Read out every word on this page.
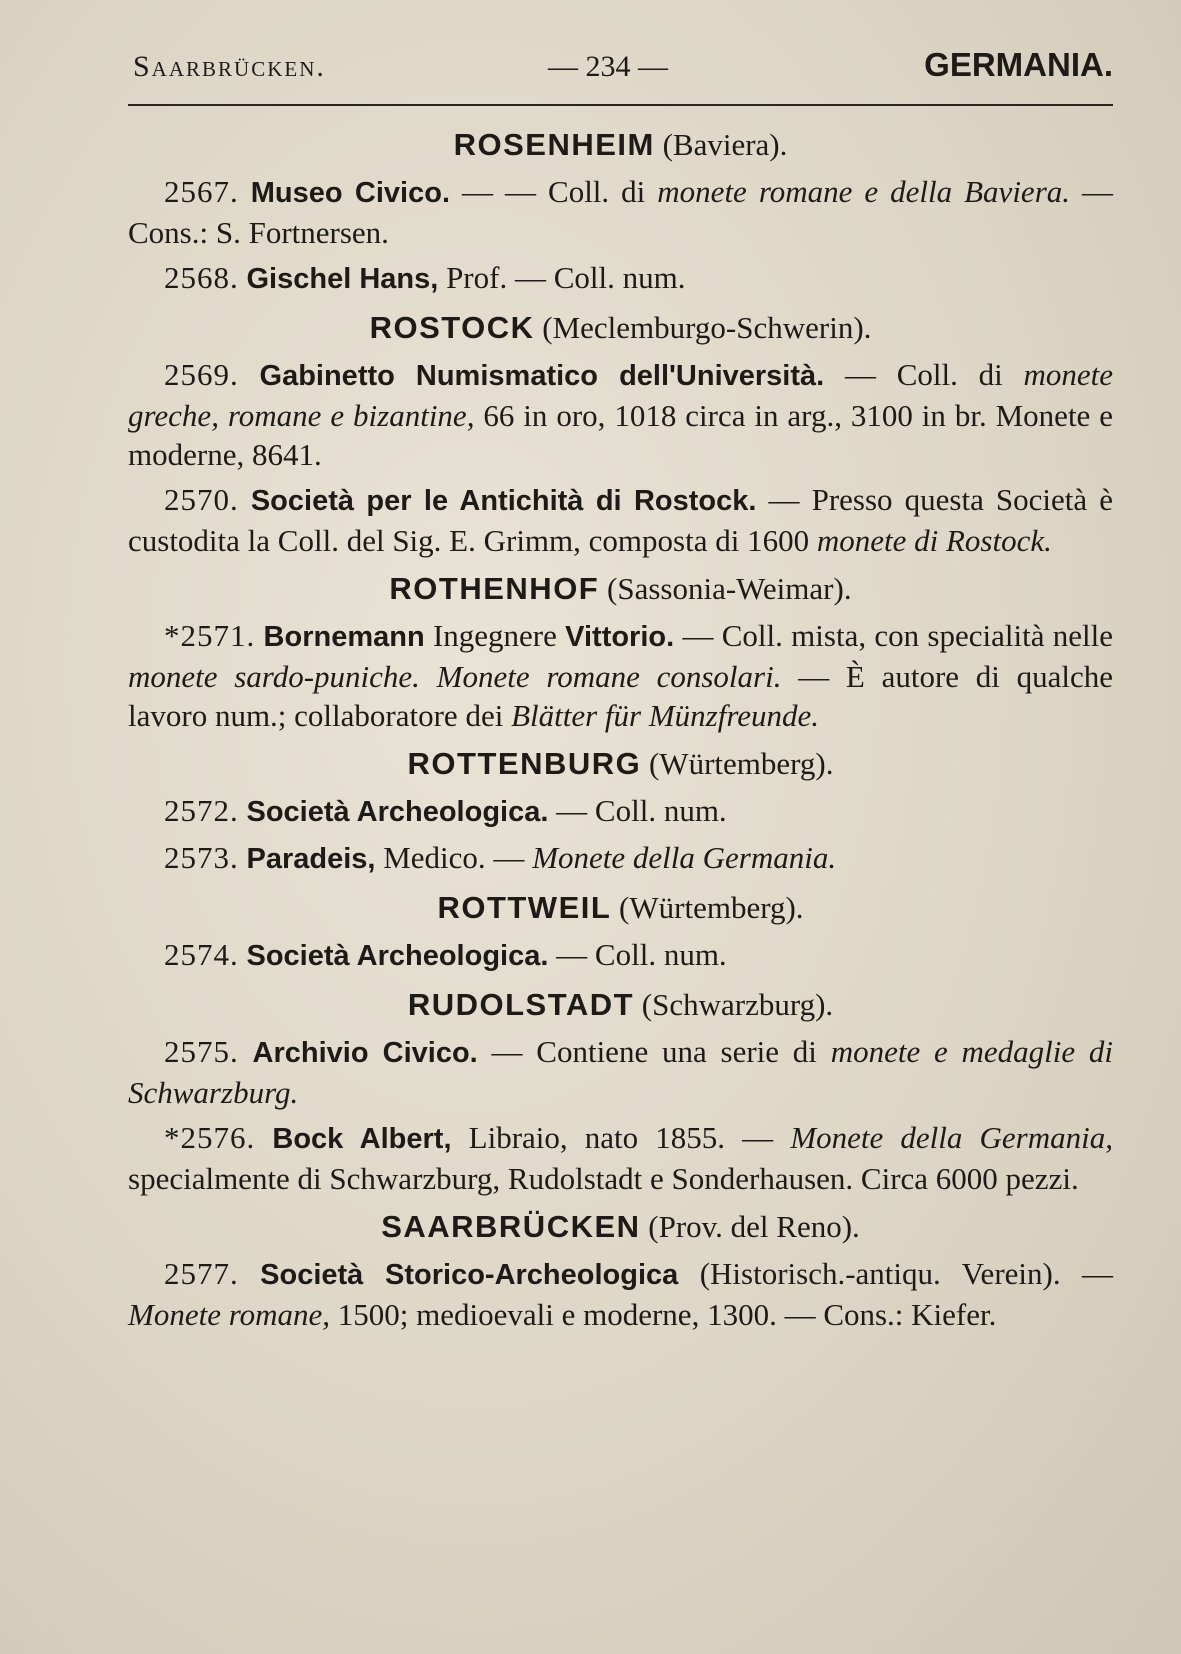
Saarbrücken.	— 234 —	GERMANIA.
ROSENHEIM (Baviera).
2567. Museo Civico. — — Coll. di monete romane e della Baviera. — Cons.: S. Fortnersen.
2568. Gischel Hans, Prof. — Coll. num.
ROSTOCK (Meclemburgo-Schwerin).
2569. Gabinetto Numismatico dell'Università. — Coll. di monete greche, romane e bizantine, 66 in oro, 1018 circa in arg., 3100 in br. Monete e moderne, 8641.
2570. Società per le Antichità di Rostock. — Presso questa Società è custodita la Coll. del Sig. E. Grimm, composta di 1600 monete di Rostock.
ROTHENHOF (Sassonia-Weimar).
*2571. Bornemann Ingegnere Vittorio. — Coll. mista, con specialità nelle monete sardo-puniche. Monete romane consolari. — È autore di qualche lavoro num.; collaboratore dei Blätter für Münzfreunde.
ROTTENBURG (Würtemberg).
2572. Società Archeologica. — Coll. num.
2573. Paradeis, Medico. — Monete della Germania.
ROTTWEIL (Würtemberg).
2574. Società Archeologica. — Coll. num.
RUDOLSTADT (Schwarzburg).
2575. Archivio Civico. — Contiene una serie di monete e medaglie di Schwarzburg.
*2576. Bock Albert, Libraio, nato 1855. — Monete della Germania, specialmente di Schwarzburg, Rudolstadt e Sonderhausen. Circa 6000 pezzi.
SAARBRÜCKEN (Prov. del Reno).
2577. Società Storico-Archeologica (Historisch.-antiqu. Verein). — Monete romane, 1500; medioevali e moderne, 1300. — Cons.: Kiefer.
